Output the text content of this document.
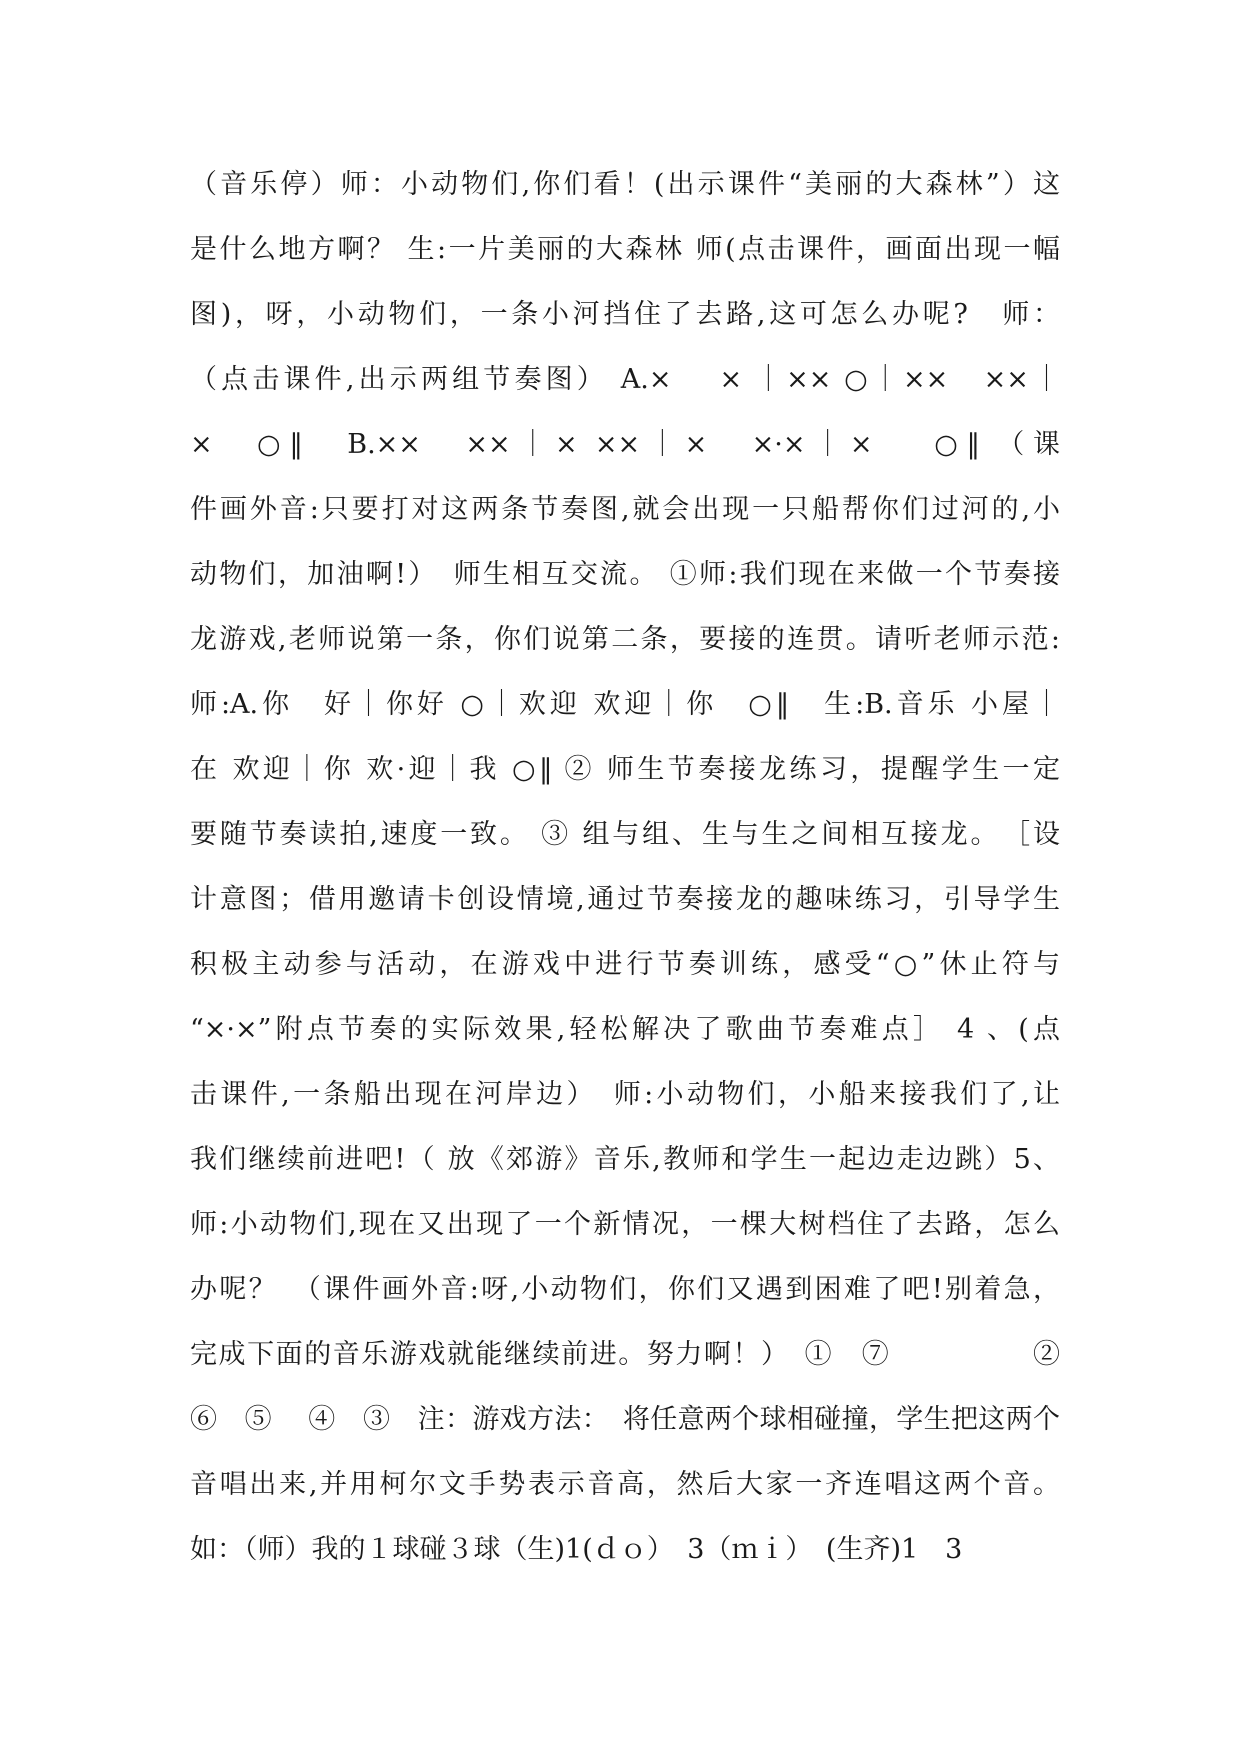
（音乐停）师：小动物们,你们看！(出示课件“美丽的大森林”）这
是什么地方啊？ 生:一片美丽的大森林 师(点击课件，画面出现一幅
图)，呀，小动物们，一条小河挡住了去路,这可怎么办呢?　师：
（点击课件,出示两组节奏图） A.×　 × ｜×× ○｜××　××｜
×　○‖　B.××　××｜× ××｜×　×·×｜×　 ○‖ （课
件画外音:只要打对这两条节奏图,就会出现一只船帮你们过河的,小
动物们，加油啊!）　师生相互交流。 ①师:我们现在来做一个节奏接
龙游戏,老师说第一条，你们说第二条，要接的连贯。请听老师示范:
师:A.你　好｜你好 ○｜欢迎 欢迎｜你　○‖　生:B.音乐 小屋｜
在 欢迎｜你 欢·迎｜我 ○‖ ② 师生节奏接龙练习，提醒学生一定
要随节奏读拍,速度一致。 ③ 组与组、生与生之间相互接龙。　［设
计意图；借用邀请卡创设情境,通过节奏接龙的趣味练习，引导学生
积极主动参与活动，在游戏中进行节奏训练，感受“○”休止符与
“×·×”附点节奏的实际效果,轻松解决了歌曲节奏难点］ 4 、(点
击课件,一条船出现在河岸边）　师:小动物们，小船来接我们了,让
我们继续前进吧!（ 放《郊游》音乐,教师和学生一起边走边跳）5、
师:小动物们,现在又出现了一个新情况，一棵大树档住了去路，怎么
办呢？　（课件画外音:呀,小动物们，你们又遇到困难了吧!别着急，
完成下面的音乐游戏就能继续前进。努力啊！）　①　⑦　　　　　②
⑥　⑤　 ④　③　注：游戏方法：　将任意两个球相碰撞，学生把这两个
音唱出来,并用柯尔文手势表示音高，然后大家一齐连唱这两个音。
如：（师）我的１球碰３球（生)1(ｄｏ）　3（ｍｉ）　(生齐)1　3
